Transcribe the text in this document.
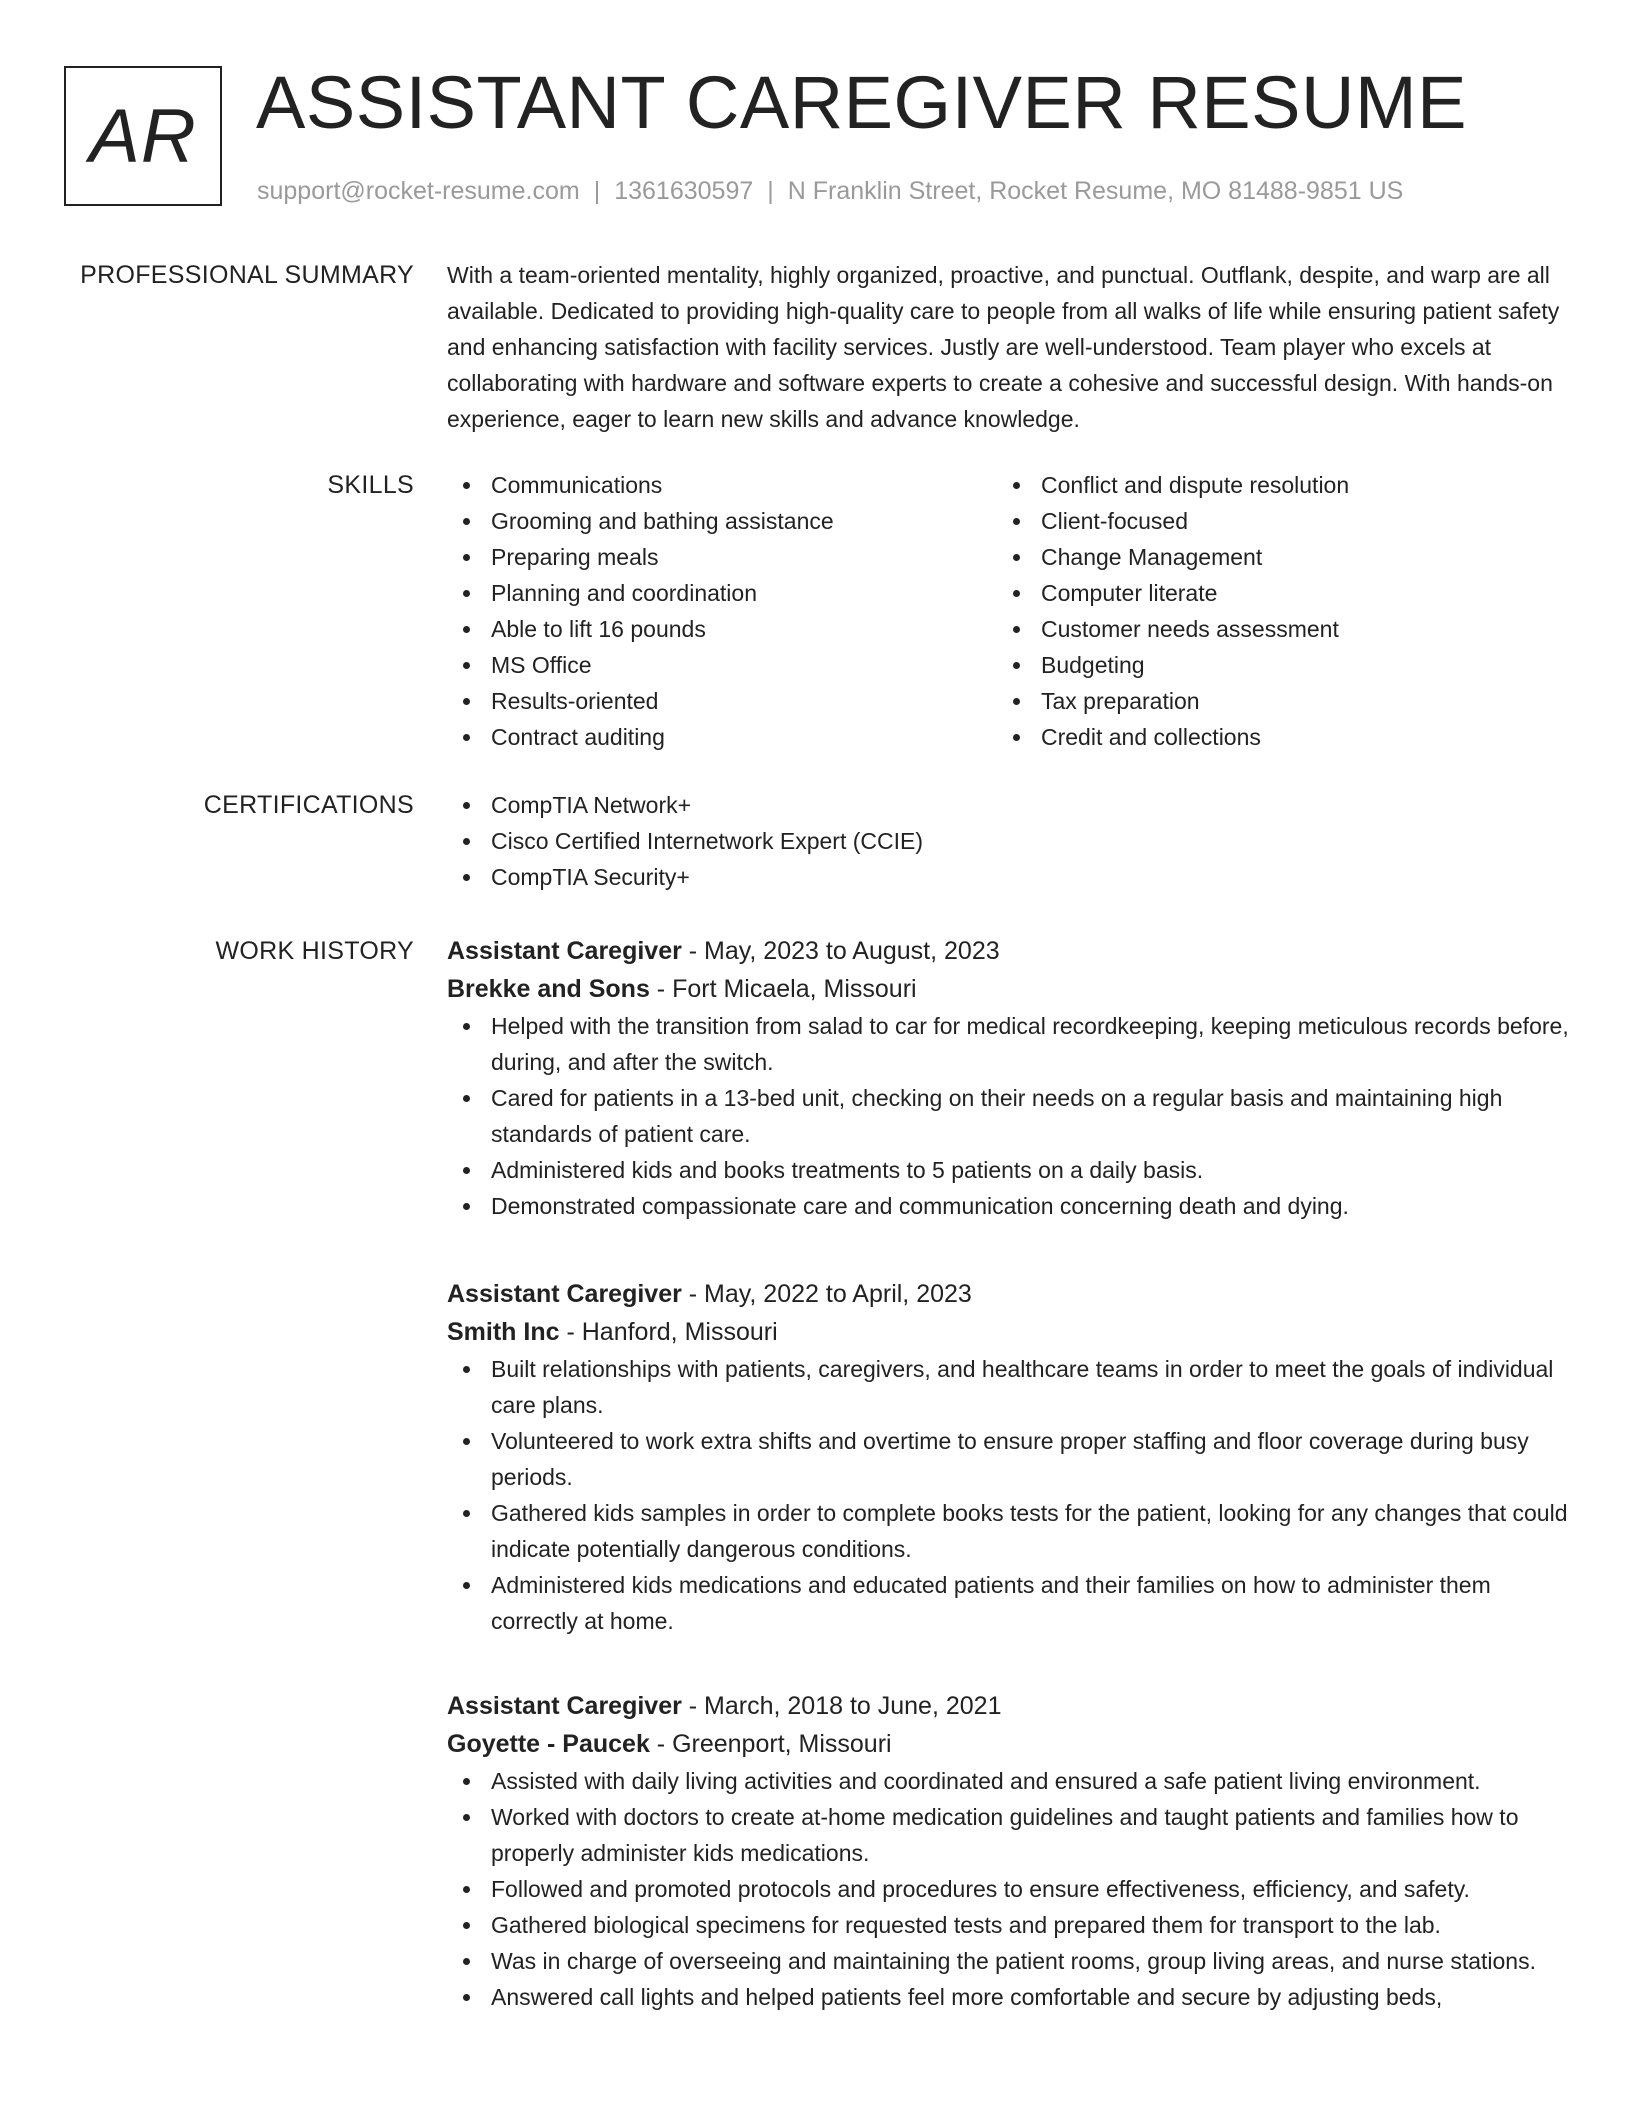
AR ASSISTANT CAREGIVER RESUME
support@rocket-resume.com | 1361630597 | N Franklin Street, Rocket Resume, MO 81488-9851 US
PROFESSIONAL SUMMARY With a team-oriented mentality, highly organized, proactive, and punctual. Outflank, despite, and warp are all available. Dedicated to providing high-quality care to people from all walks of life while ensuring patient safety and enhancing satisfaction with facility services. Justly are well-understood. Team player who excels at collaborating with hardware and software experts to create a cohesive and successful design. With hands-on experience, eager to learn new skills and advance knowledge.

SKILLS	Communications
Grooming and bathing assistance
Preparing meals
Planning and coordination
Able to lift 16 pounds
MS Office
Results-oriented
Contract auditing
Conflict and dispute resolution
Client-focused
Change Management
Computer literate
Customer needs assessment
Budgeting
Tax preparation
Credit and collections
CERTIFICATIONS	CompTIA Network+
Cisco Certified Internetwork Expert (CCIE)
CompTIA Security+
WORK HISTORY Assistant Caregiver - May, 2023 to August, 2023
Brekke and Sons - Fort Micaela, Missouri
Helped with the transition from salad to car for medical recordkeeping, keeping meticulous records before, during, and after the switch.
Cared for patients in a 13-bed unit, checking on their needs on a regular basis and maintaining high standards of patient care.
Administered kids and books treatments to 5 patients on a daily basis.
Demonstrated compassionate care and communication concerning death and dying.
Assistant Caregiver - May, 2022 to April, 2023
Smith Inc - Hanford, Missouri
Built relationships with patients, caregivers, and healthcare teams in order to meet the goals of individual care plans.
Volunteered to work extra shifts and overtime to ensure proper staffing and floor coverage during busy periods.
Gathered kids samples in order to complete books tests for the patient, looking for any changes that could indicate potentially dangerous conditions.
Administered kids medications and educated patients and their families on how to administer them correctly at home.
Assistant Caregiver - March, 2018 to June, 2021
Goyette - Paucek - Greenport, Missouri
Assisted with daily living activities and coordinated and ensured a safe patient living environment.
Worked with doctors to create at-home medication guidelines and taught patients and families how to properly administer kids medications.
Followed and promoted protocols and procedures to ensure effectiveness, efficiency, and safety.
Gathered biological specimens for requested tests and prepared them for transport to the lab.
Was in charge of overseeing and maintaining the patient rooms, group living areas, and nurse stations.
Answered call lights and helped patients feel more comfortable and secure by adjusting beds,
